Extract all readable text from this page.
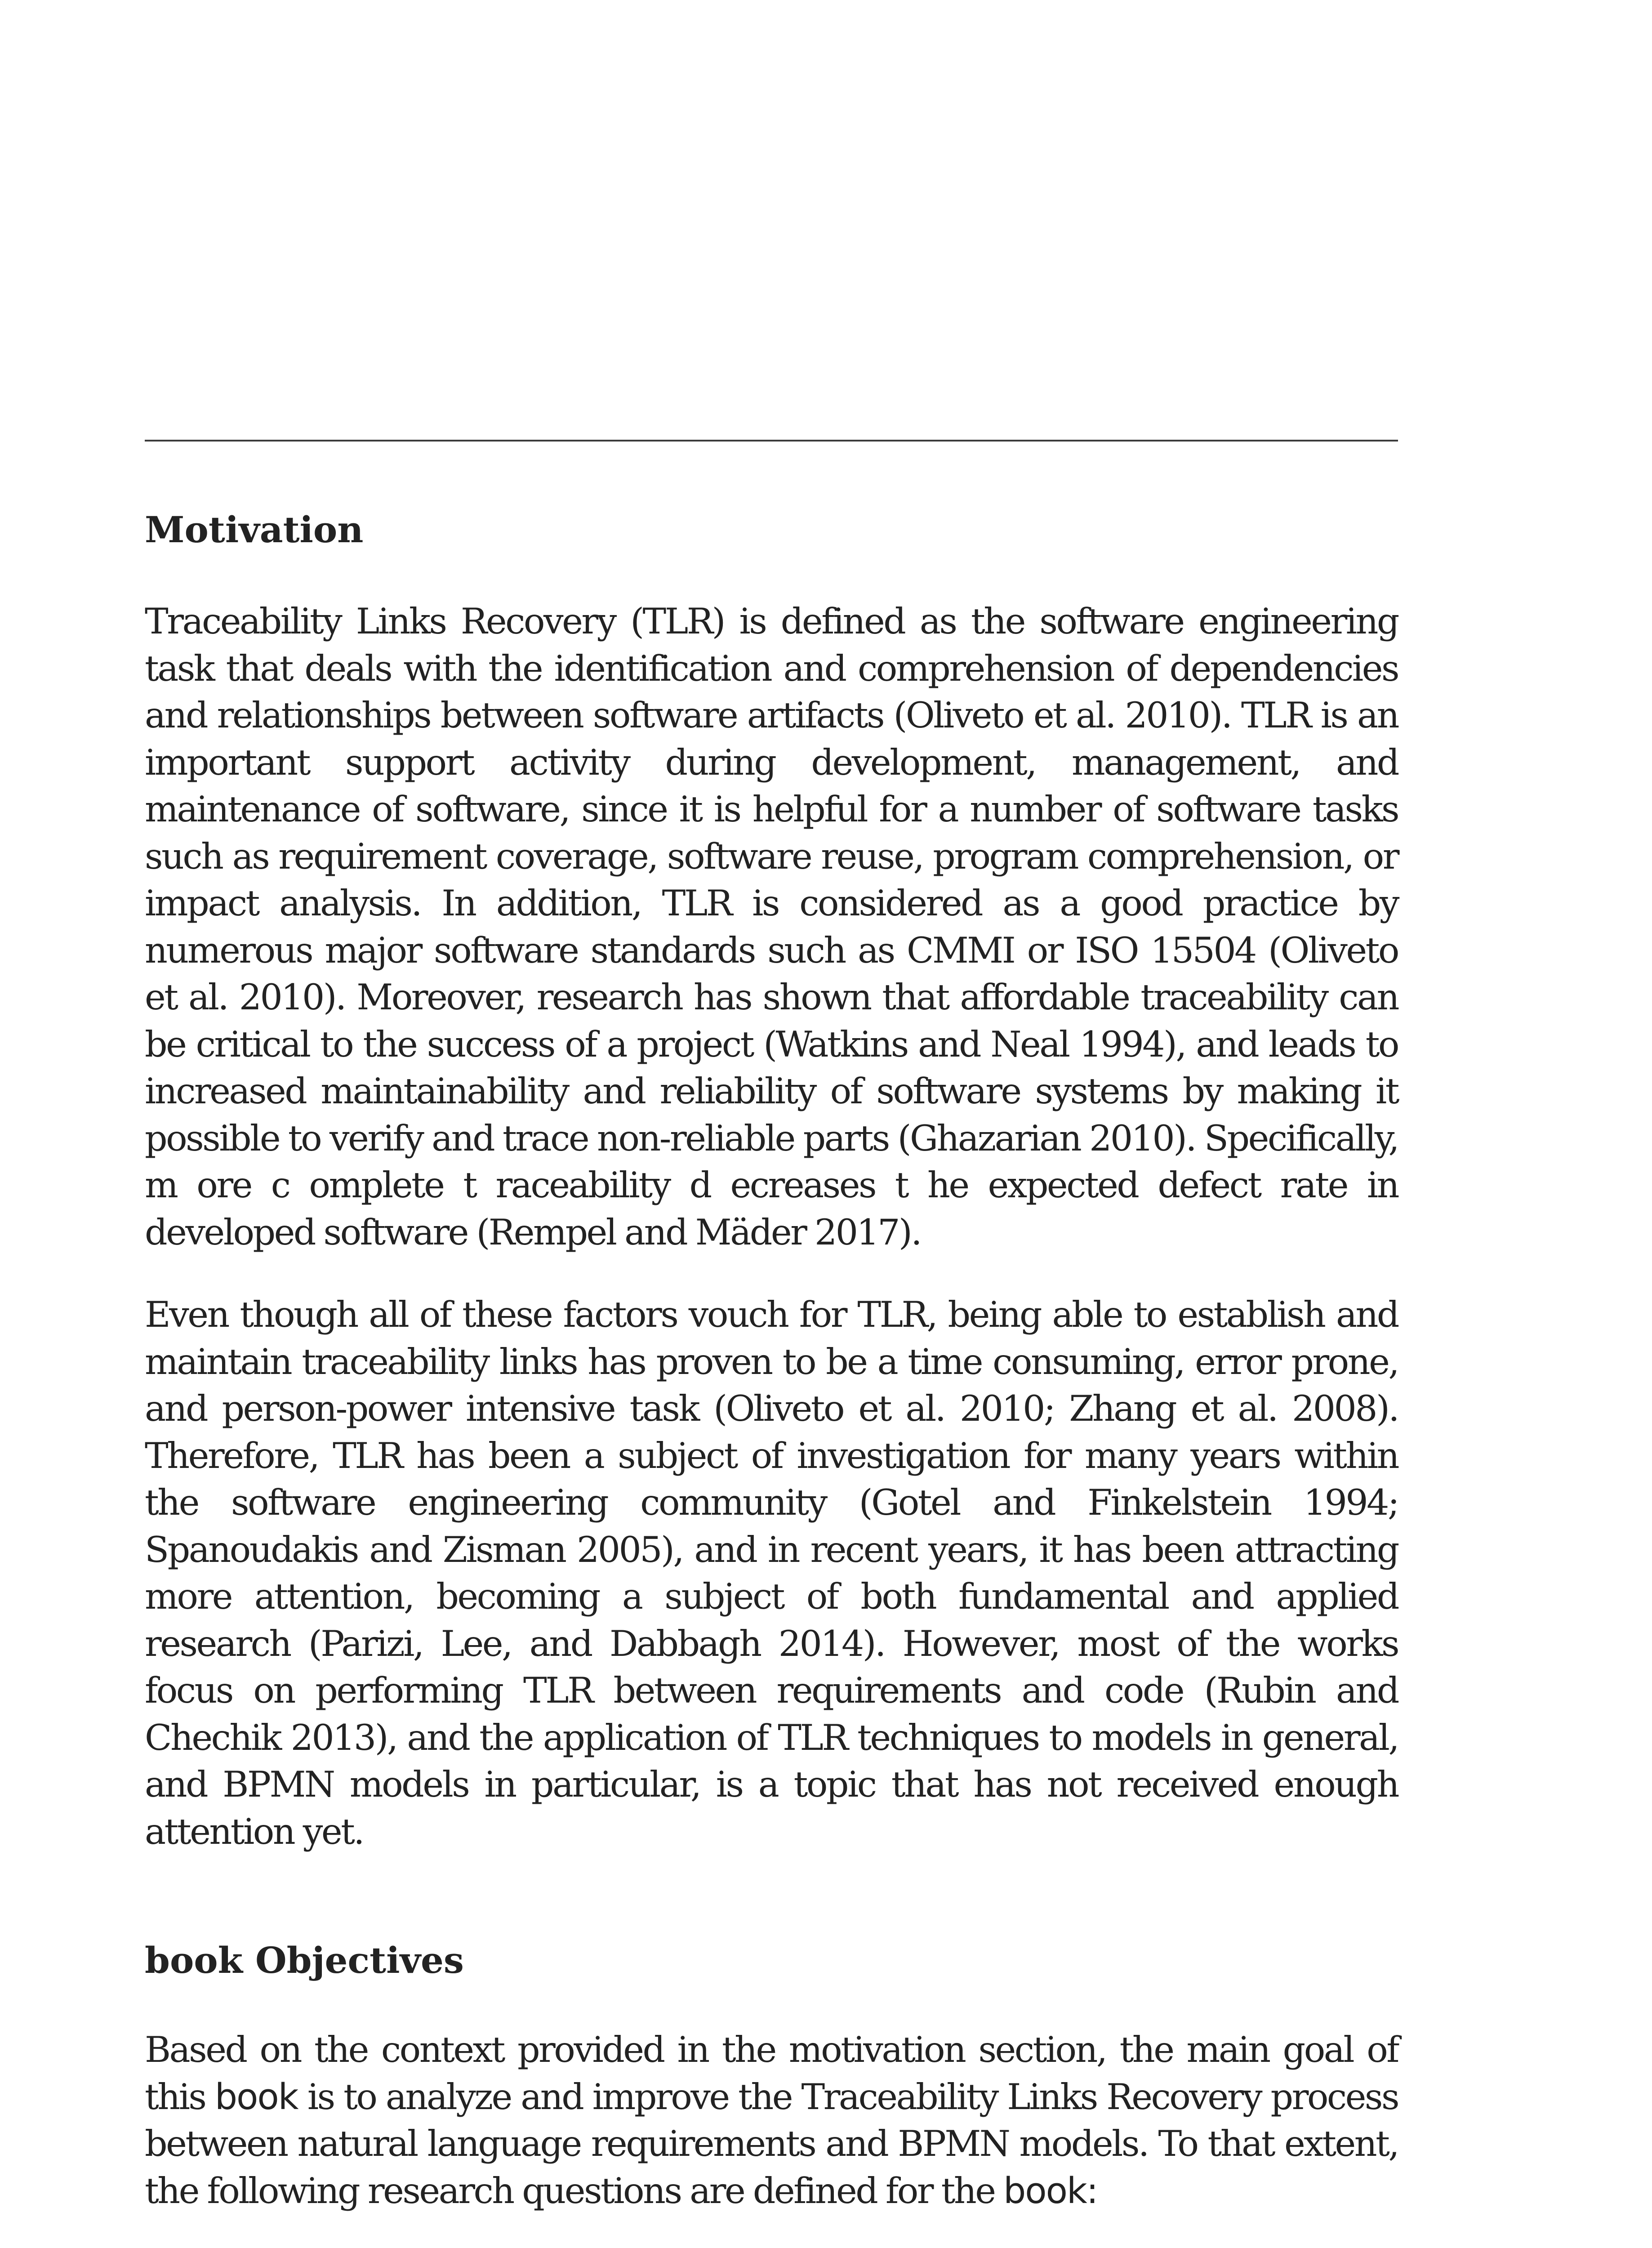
Motivation

Traceability Links Recovery (TLR) is defined as the software engineering task that deals with the identification and comprehension of dependencies and relationships between software artifacts (Oliveto et al. 2010). TLR is an important support activity during development, management, and maintenance of software, since it is helpful for a number of software tasks such as requirement coverage, software reuse, program comprehension, or impact analysis. In addition, TLR is considered as a good practice by numerous major software standards such as CMMI or ISO 15504 (Oliveto et al. 2010). Moreover, research has shown that affordable traceability can be critical to the success of a project (Watkins and Neal 1994), and leads to increased maintainability and reliability of software systems by making it possible to verify and trace non-reliable parts (Ghazarian 2010). Specifically, m ore c omplete t raceability d ecreases t he expected defect rate in developed software (Rempel and Mäder 2017).

Even though all of these factors vouch for TLR, being able to establish and maintain traceability links has proven to be a time consuming, error prone, and person-power intensive task (Oliveto et al. 2010; Zhang et al. 2008). Therefore, TLR has been a subject of investigation for many years within the software engineering community (Gotel and Finkelstein 1994; Spanoudakis and Zisman 2005), and in recent years, it has been attracting more attention, becoming a subject of both fundamental and applied research (Parizi, Lee, and Dabbagh 2014). However, most of the works focus on performing TLR between requirements and code (Rubin and Chechik 2013), and the application of TLR techniques to models in general, and BPMN models in particular, is a topic that has not received enough attention yet.

book Objectives

Based on the context provided in the motivation section, the main goal of this book is to analyze and improve the Traceability Links Recovery process between natural language requirements and BPMN models. To that extent, the following research questions are defined for the book:
